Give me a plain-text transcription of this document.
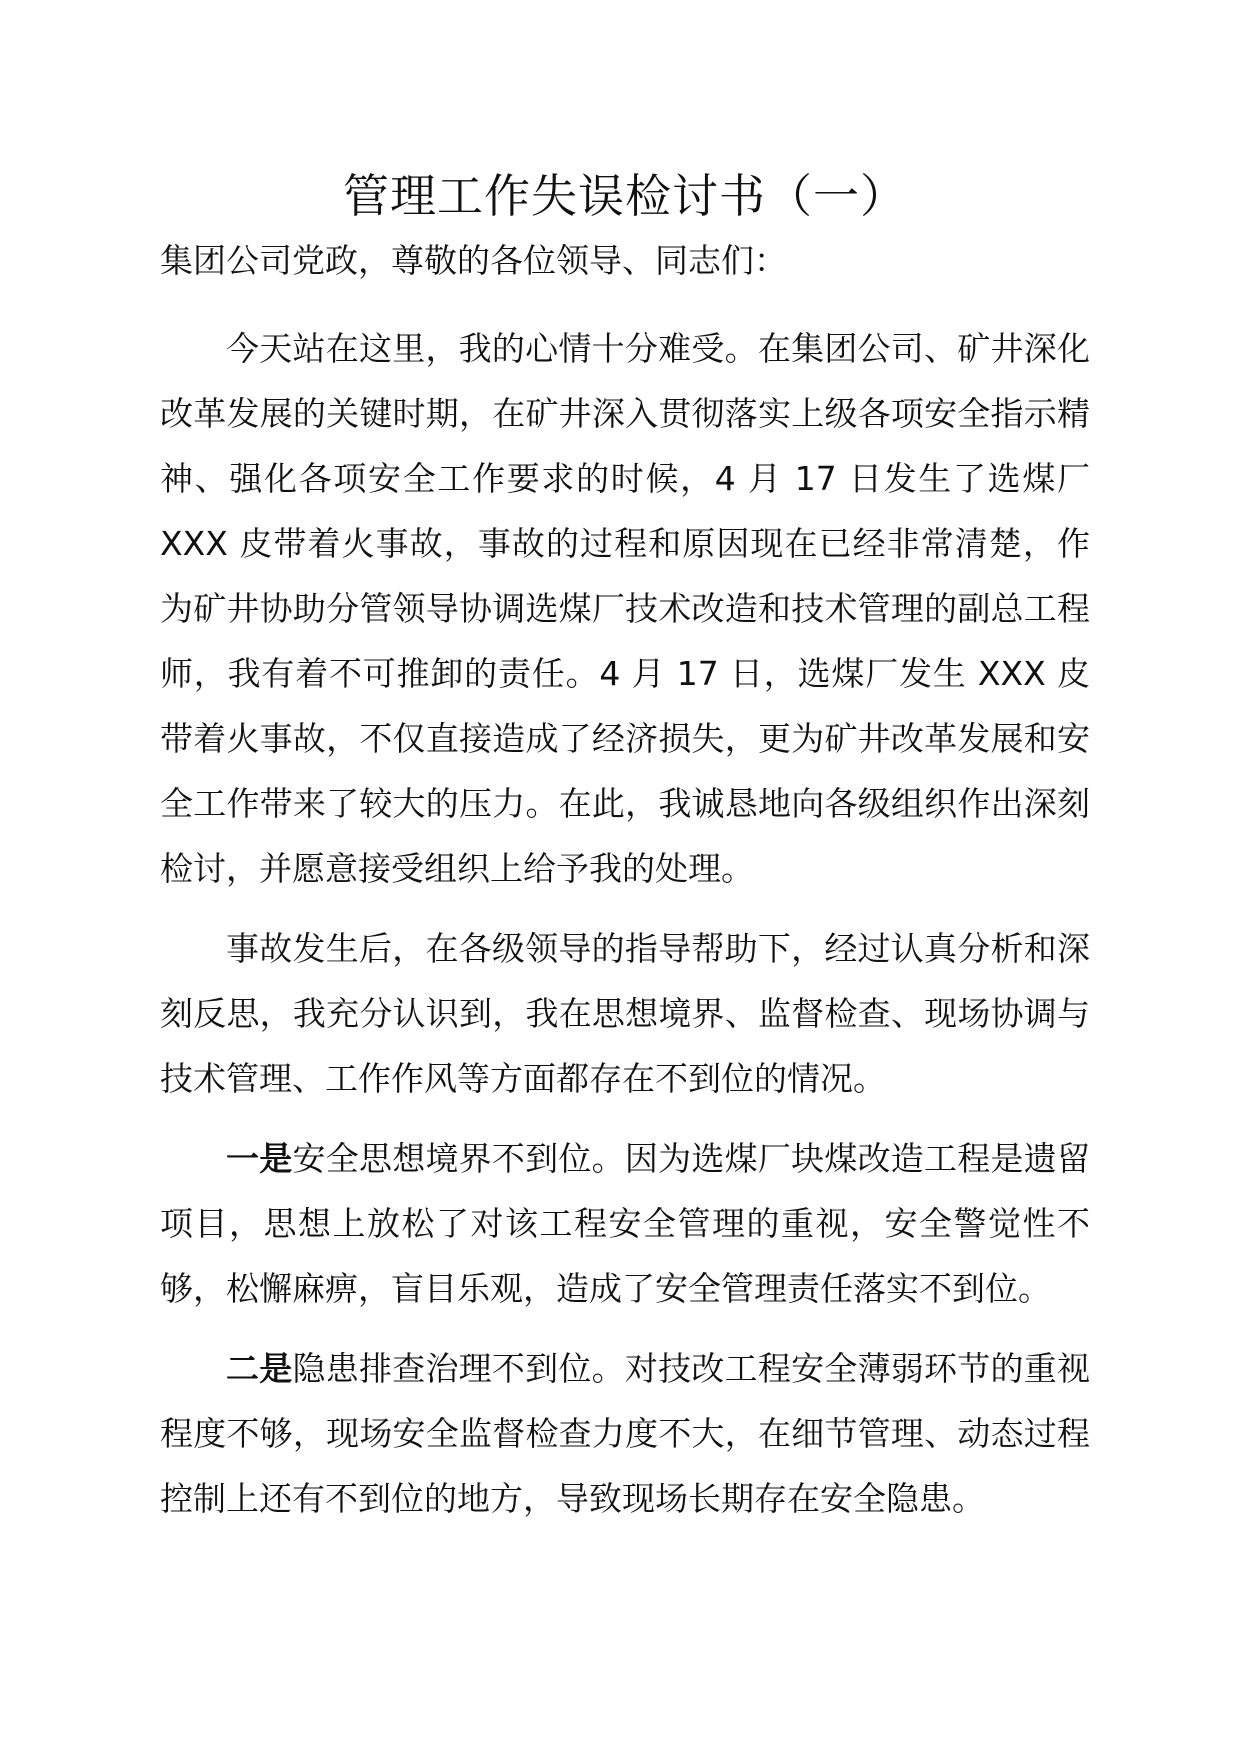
管理工作失误检讨书（一）

集团公司党政，尊敬的各位领导、同志们：

今天站在这里，我的心情十分难受。在集团公司、矿井深化改革发展的关键时期，在矿井深入贯彻落实上级各项安全指示精神、强化各项安全工作要求的时候，4 月 17 日发生了选煤厂 XXX 皮带着火事故，事故的过程和原因现在已经非常清楚，作为矿井协助分管领导协调选煤厂技术改造和技术管理的副总工程师，我有着不可推卸的责任。4 月 17 日，选煤厂发生 XXX 皮带着火事故，不仅直接造成了经济损失，更为矿井改革发展和安全工作带来了较大的压力。在此，我诚恳地向各级组织作出深刻检讨，并愿意接受组织上给予我的处理。

事故发生后，在各级领导的指导帮助下，经过认真分析和深刻反思，我充分认识到，我在思想境界、监督检查、现场协调与技术管理、工作作风等方面都存在不到位的情况。

一是安全思想境界不到位。因为选煤厂块煤改造工程是遗留项目，思想上放松了对该工程安全管理的重视，安全警觉性不够，松懈麻痹，盲目乐观，造成了安全管理责任落实不到位。

二是隐患排查治理不到位。对技改工程安全薄弱环节的重视程度不够，现场安全监督检查力度不大，在细节管理、动态过程控制上还有不到位的地方，导致现场长期存在安全隐患。
